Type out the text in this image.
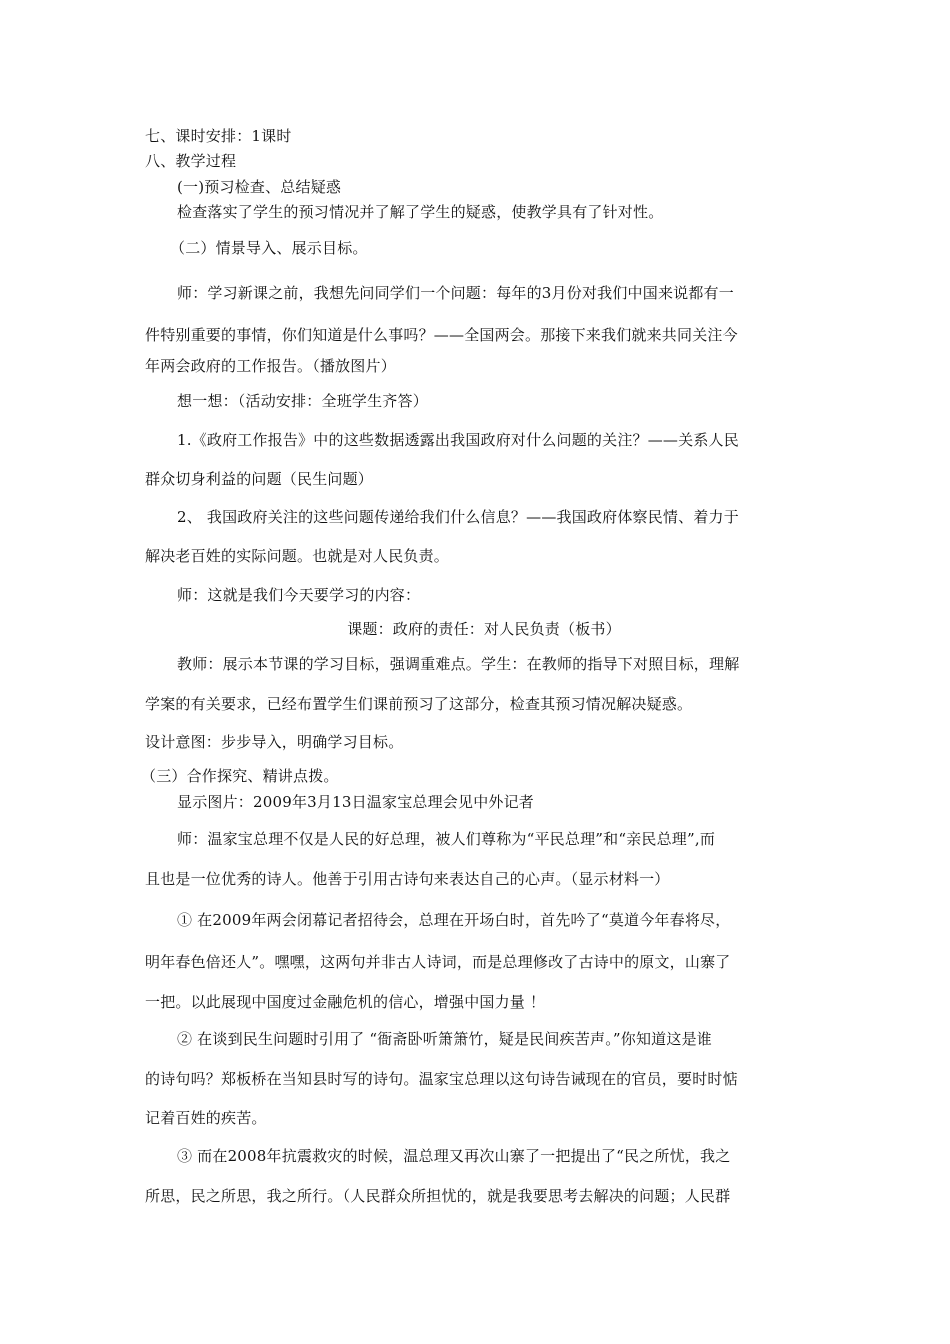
七、课时安排：1课时
八、教学过程
(一)预习检查、总结疑惑
检查落实了学生的预习情况并了解了学生的疑惑，使教学具有了针对性。
（二）情景导入、展示目标。
师：学习新课之前，我想先问同学们一个问题：每年的3月份对我们中国来说都有一
件特别重要的事情，你们知道是什么事吗？——全国两会。那接下来我们就来共同关注今
年两会政府的工作报告。（播放图片）
想一想：（活动安排：全班学生齐答）
1.《政府工作报告》中的这些数据透露出我国政府对什么问题的关注？——关系人民
群众切身利益的问题（民生问题）
2、 我国政府关注的这些问题传递给我们什么信息？——我国政府体察民情、着力于
解决老百姓的实际问题。也就是对人民负责。
师：这就是我们今天要学习的内容：
课题：政府的责任：对人民负责（板书）
教师：展示本节课的学习目标，强调重难点。学生：在教师的指导下对照目标，理解
学案的有关要求，已经布置学生们课前预习了这部分，检查其预习情况解决疑惑。
设计意图：步步导入，明确学习目标。
（三）合作探究、精讲点拨。
显示图片：2009年3月13日温家宝总理会见中外记者
师：温家宝总理不仅是人民的好总理，被人们尊称为“平民总理”和“亲民总理”,而
且也是一位优秀的诗人。他善于引用古诗句来表达自己的心声。（显示材料一）
① 在2009年两会闭幕记者招待会，总理在开场白时，首先吟了“莫道今年春将尽，
明年春色倍还人”。嘿嘿，这两句并非古人诗词，而是总理修改了古诗中的原文，山寨了
一把。以此展现中国度过金融危机的信心，增强中国力量 ！
② 在谈到民生问题时引用了 “衙斋卧听箫箫竹，疑是民间疾苦声。”你知道这是谁
的诗句吗？郑板桥在当知县时写的诗句。温家宝总理以这句诗告诫现在的官员，要时时惦
记着百姓的疾苦。
③ 而在2008年抗震救灾的时候，温总理又再次山寨了一把提出了“民之所忧，我之
所思，民之所思，我之所行。（人民群众所担忧的，就是我要思考去解决的问题；人民群
